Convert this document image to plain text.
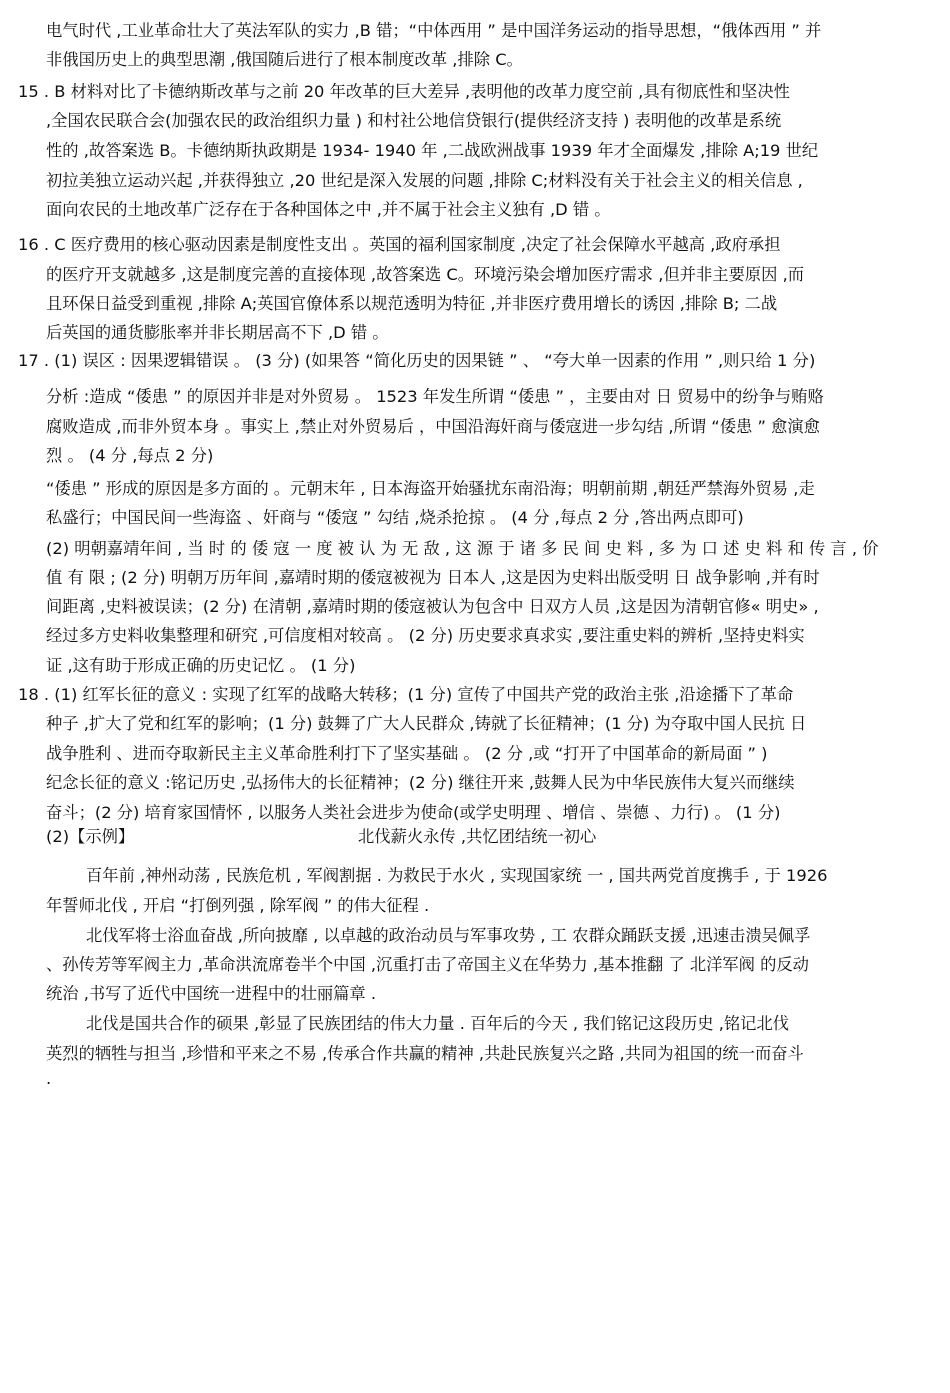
电气时代 ,工业革命壮大了英法军队的实力 ,B 错；“中体西用 ” 是中国洋务运动的指导思想，“俄体西用 ” 并
非俄国历史上的典型思潮 ,俄国随后进行了根本制度改革 ,排除 C。
15 . B 材料对比了卡德纳斯改革与之前 20 年改革的巨大差异 ,表明他的改革力度空前 ,具有彻底性和坚决性
,全国农民联合会(加强农民的政治组织力量 ) 和村社公地信贷银行(提供经济支持 ) 表明他的改革是系统
性的 ,故答案选 B。卡德纳斯执政期是 1934- 1940 年 ,二战欧洲战事 1939 年才全面爆发 ,排除 A;19 世纪
初拉美独立运动兴起 ,并获得独立 ,20 世纪是深入发展的问题 ,排除 C;材料没有关于社会主义的相关信息 ,
面向农民的土地改革广泛存在于各种国体之中 ,并不属于社会主义独有 ,D 错 。
16 . C 医疗费用的核心驱动因素是制度性支出 。英国的福利国家制度 ,决定了社会保障水平越高 ,政府承担
的医疗开支就越多 ,这是制度完善的直接体现 ,故答案选 C。环境污染会增加医疗需求 ,但并非主要原因 ,而
且环保日益受到重视 ,排除 A;英国官僚体系以规范透明为特征 ,并非医疗费用增长的诱因 ,排除 B; 二战
后英国的通货膨胀率并非长期居高不下 ,D 错 。
17 . (1) 误区 : 因果逻辑错误 。 (3 分) (如果答 “简化历史的因果链 ” 、 “夸大单一因素的作用 ” ,则只给 1 分)
分析 :造成 “倭患 ” 的原因并非是对外贸易 。 1523 年发生所谓 “倭患 ” ，主要由对 日 贸易中的纷争与贿赂
腐败造成 ,而非外贸本身 。事实上 ,禁止对外贸易后 ，中国沿海奸商与倭寇进一步勾结 ,所谓 “倭患 ” 愈演愈
烈 。 (4 分 ,每点 2 分)
“倭患 ” 形成的原因是多方面的 。元朝末年 , 日本海盗开始骚扰东南沿海；明朝前期 ,朝廷严禁海外贸易 ,走
私盛行；中国民间一些海盗 、奸商与 “倭寇 ” 勾结 ,烧杀抢掠 。 (4 分 ,每点 2 分 ,答出两点即可)
(2) 明朝嘉靖年间 , 当 时 的 倭 寇 一 度 被 认 为 无 敌 , 这 源 于 诸 多 民 间 史 料 , 多 为 口 述 史 料 和 传 言 , 价
值 有 限 ; (2 分) 明朝万历年间 ,嘉靖时期的倭寇被视为 日本人 ,这是因为史料出版受明 日 战争影响 ,并有时
间距离 ,史料被误读；(2 分) 在清朝 ,嘉靖时期的倭寇被认为包含中 日双方人员 ,这是因为清朝官修« 明史» ,
经过多方史料收集整理和研究 ,可信度相对较高 。 (2 分) 历史要求真求实 ,要注重史料的辨析 ,坚持史料实
证 ,这有助于形成正确的历史记忆 。 (1 分)
18 . (1) 红军长征的意义 : 实现了红军的战略大转移；(1 分) 宣传了中国共产党的政治主张 ,沿途播下了革命
种子 ,扩大了党和红军的影响；(1 分) 鼓舞了广大人民群众 ,铸就了长征精神；(1 分) 为夺取中国人民抗 日
战争胜利 、进而夺取新民主主义革命胜利打下了坚实基础 。 (2 分 ,或 “打开了中国革命的新局面 ” )
纪念长征的意义 :铭记历史 ,弘扬伟大的长征精神；(2 分) 继往开来 ,鼓舞人民为中华民族伟大复兴而继续
奋斗；(2 分) 培育家国情怀 , 以服务人类社会进步为使命(或学史明理 、增信 、崇德 、力行) 。 (1 分)
(2)【示例】	北伐薪火永传 ,共忆团结统一初心
百年前 ,神州动荡 , 民族危机 , 军阀割据 . 为救民于水火 , 实现国家统 一 , 国共两党首度携手 , 于 1926
年誓师北伐 , 开启 “打倒列强 , 除军阀 ” 的伟大征程 .
北伐军将士浴血奋战 ,所向披靡 , 以卓越的政治动员与军事攻势 , 工 农群众踊跃支援 ,迅速击溃吴佩孚
、孙传芳等军阀主力 ,革命洪流席卷半个中国 ,沉重打击了帝国主义在华势力 ,基本推翻 了 北洋军阀 的反动
统治 ,书写了近代中国统一进程中的壮丽篇章 .
北伐是国共合作的硕果 ,彰显了民族团结的伟大力量 . 百年后的今天 , 我们铭记这段历史 ,铭记北伐
英烈的牺牲与担当 ,珍惜和平来之不易 ,传承合作共赢的精神 ,共赴民族复兴之路 ,共同为祖国的统一而奋斗
.
